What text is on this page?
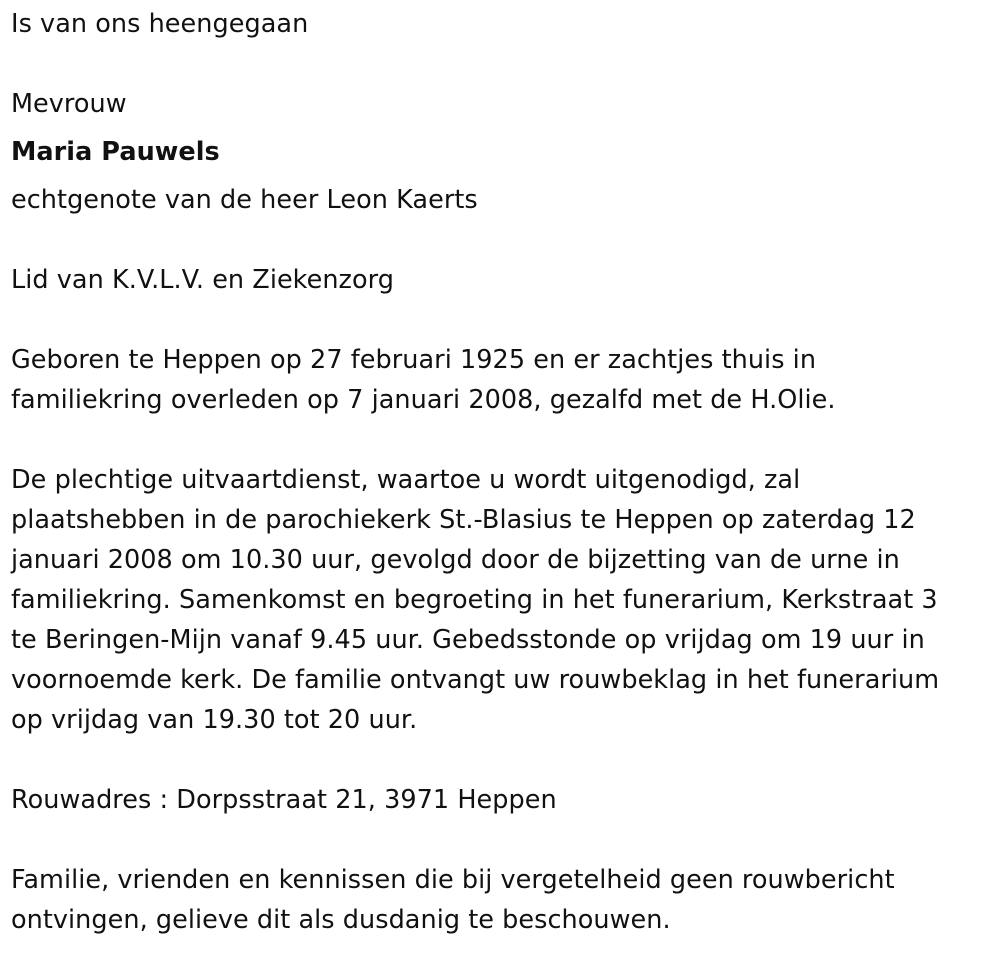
Is van ons heengegaan
Mevrouw
Maria Pauwels
echtgenote van de heer Leon Kaerts
Lid van K.V.L.V. en Ziekenzorg
Geboren te Heppen op 27 februari 1925 en er zachtjes thuis in
familiekring overleden op 7 januari 2008, gezalfd met de H.Olie.
De plechtige uitvaartdienst, waartoe u wordt uitgenodigd, zal
plaatshebben in de parochiekerk St.-Blasius te Heppen op zaterdag 12
januari 2008 om 10.30 uur, gevolgd door de bijzetting van de urne in
familiekring. Samenkomst en begroeting in het funerarium, Kerkstraat 3
te Beringen-Mijn vanaf 9.45 uur. Gebedsstonde op vrijdag om 19 uur in
voornoemde kerk. De familie ontvangt uw rouwbeklag in het funerarium
op vrijdag van 19.30 tot 20 uur.
Rouwadres : Dorpsstraat 21, 3971 Heppen
Familie, vrienden en kennissen die bij vergetelheid geen rouwbericht
ontvingen, gelieve dit als dusdanig te beschouwen.
